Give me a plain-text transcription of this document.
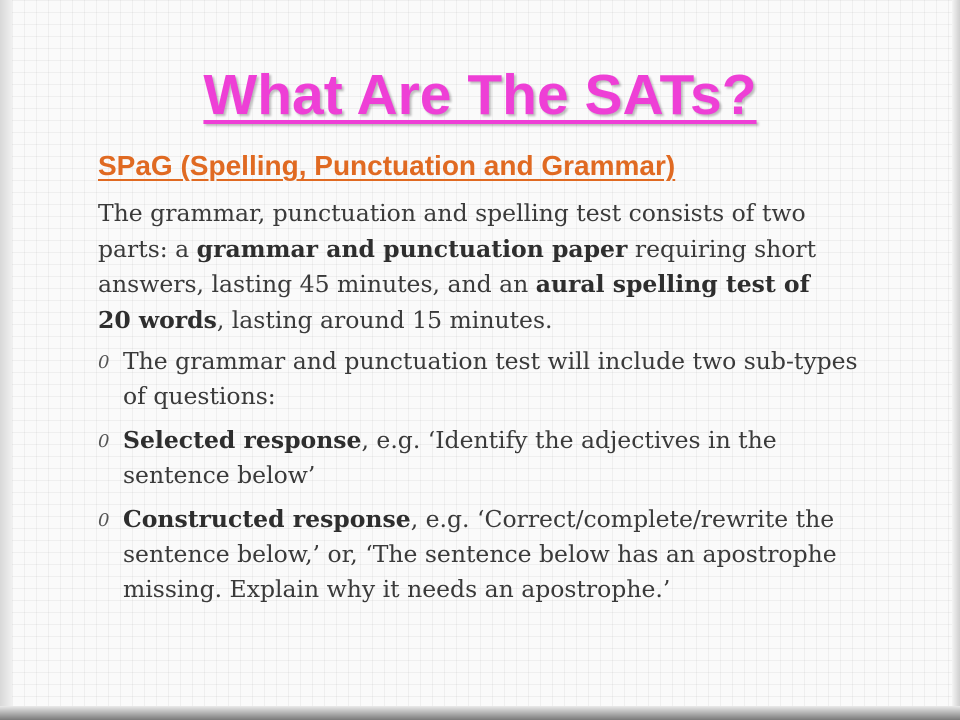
What Are The SATs?
SPaG (Spelling, Punctuation and Grammar)

The grammar, punctuation and spelling test consists of two parts: a grammar and punctuation paper requiring short answers, lasting 45 minutes, and an aural spelling test of 20 words, lasting around 15 minutes.

0 The grammar and punctuation test will include two sub-types of questions:
0 Selected response, e.g. ‘Identify the adjectives in the sentence below’
0 Constructed response, e.g. ‘Correct/complete/rewrite the sentence below,’ or, ‘The sentence below has an apostrophe missing. Explain why it needs an apostrophe.’
